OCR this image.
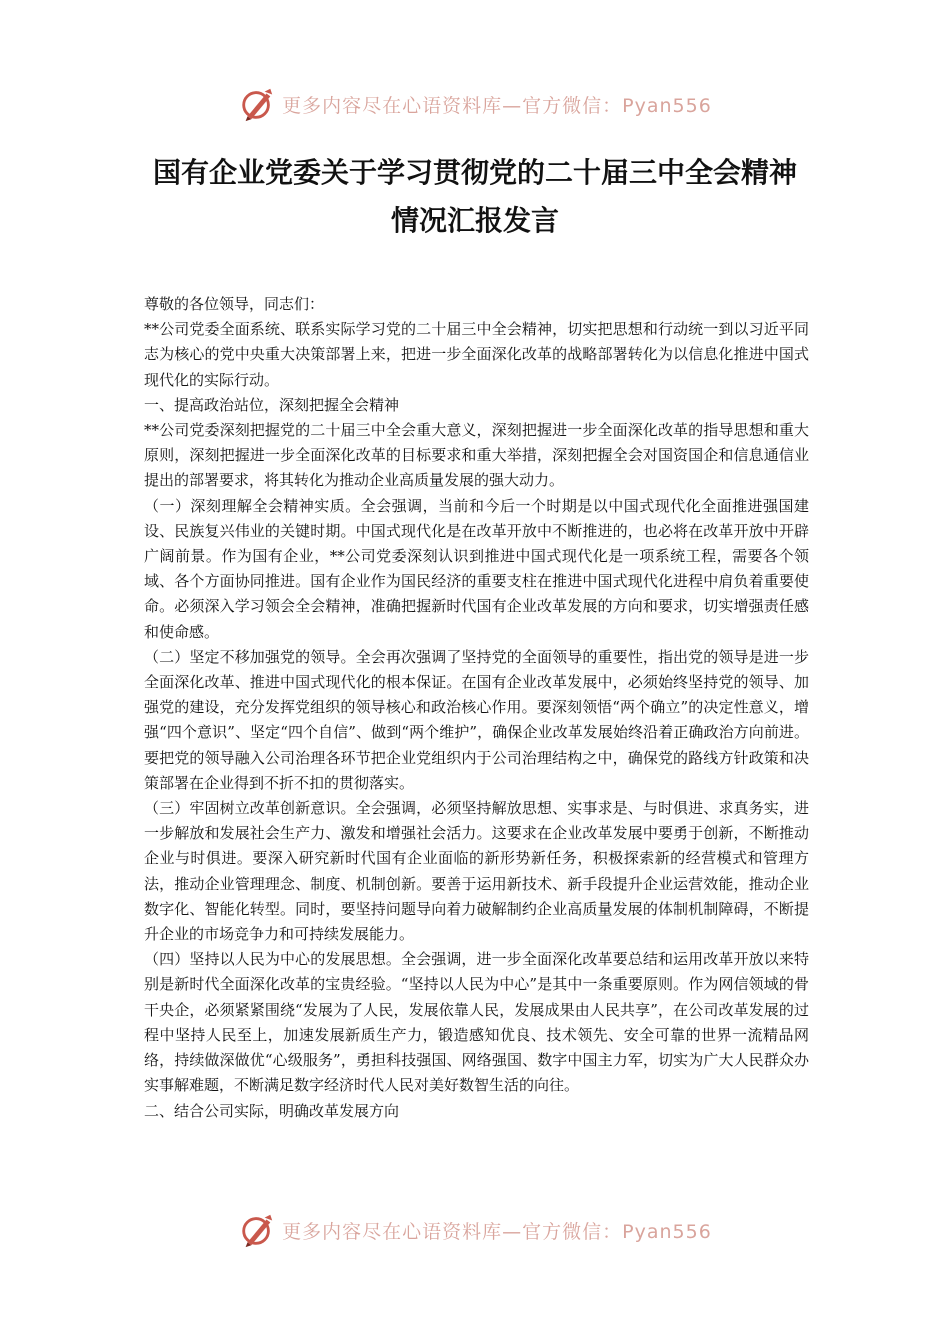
更多内容尽在心语资料库—官方微信：Pyan556
国有企业党委关于学习贯彻党的二十届三中全会精神
情况汇报发言

尊敬的各位领导，同志们：

**公司党委全面系统、联系实际学习党的二十届三中全会精神，切实把思想和行动统一到以习近平同志为核心的党中央重大决策部署上来，把进一步全面深化改革的战略部署转化为以信息化推进中国式现代化的实际行动。

一、提高政治站位，深刻把握全会精神

**公司党委深刻把握党的二十届三中全会重大意义，深刻把握进一步全面深化改革的指导思想和重大原则，深刻把握进一步全面深化改革的目标要求和重大举措，深刻把握全会对国资国企和信息通信业提出的部署要求，将其转化为推动企业高质量发展的强大动力。

（一）深刻理解全会精神实质。全会强调，当前和今后一个时期是以中国式现代化全面推进强国建设、民族复兴伟业的关键时期。中国式现代化是在改革开放中不断推进的，也必将在改革开放中开辟广阔前景。作为国有企业，**公司党委深刻认识到推进中国式现代化是一项系统工程，需要各个领域、各个方面协同推进。国有企业作为国民经济的重要支柱在推进中国式现代化进程中肩负着重要使命。必须深入学习领会全会精神，准确把握新时代国有企业改革发展的方向和要求，切实增强责任感和使命感。

（二）坚定不移加强党的领导。全会再次强调了坚持党的全面领导的重要性，指出党的领导是进一步全面深化改革、推进中国式现代化的根本保证。在国有企业改革发展中，必须始终坚持党的领导、加强党的建设，充分发挥党组织的领导核心和政治核心作用。要深刻领悟“两个确立”的决定性意义，增强“四个意识”、坚定“四个自信”、做到“两个维护”，确保企业改革发展始终沿着正确政治方向前进。要把党的领导融入公司治理各环节把企业党组织内于公司治理结构之中，确保党的路线方针政策和决策部署在企业得到不折不扣的贯彻落实。

（三）牢固树立改革创新意识。全会强调，必须坚持解放思想、实事求是、与时俱进、求真务实，进一步解放和发展社会生产力、激发和增强社会活力。这要求在企业改革发展中要勇于创新，不断推动企业与时俱进。要深入研究新时代国有企业面临的新形势新任务，积极探索新的经营模式和管理方法，推动企业管理理念、制度、机制创新。要善于运用新技术、新手段提升企业运营效能，推动企业数字化、智能化转型。同时，要坚持问题导向着力破解制约企业高质量发展的体制机制障碍，不断提升企业的市场竞争力和可持续发展能力。

（四）坚持以人民为中心的发展思想。全会强调，进一步全面深化改革要总结和运用改革开放以来特别是新时代全面深化改革的宝贵经验。“坚持以人民为中心”是其中一条重要原则。作为网信领域的骨干央企，必须紧紧围绕“发展为了人民，发展依靠人民，发展成果由人民共享”，在公司改革发展的过程中坚持人民至上，加速发展新质生产力，锻造感知优良、技术领先、安全可靠的世界一流精品网络，持续做深做优“心级服务”，勇担科技强国、网络强国、数字中国主力军，切实为广大人民群众办实事解难题，不断满足数字经济时代人民对美好数智生活的向往。

二、结合公司实际，明确改革发展方向

更多内容尽在心语资料库—官方微信：Pyan556
